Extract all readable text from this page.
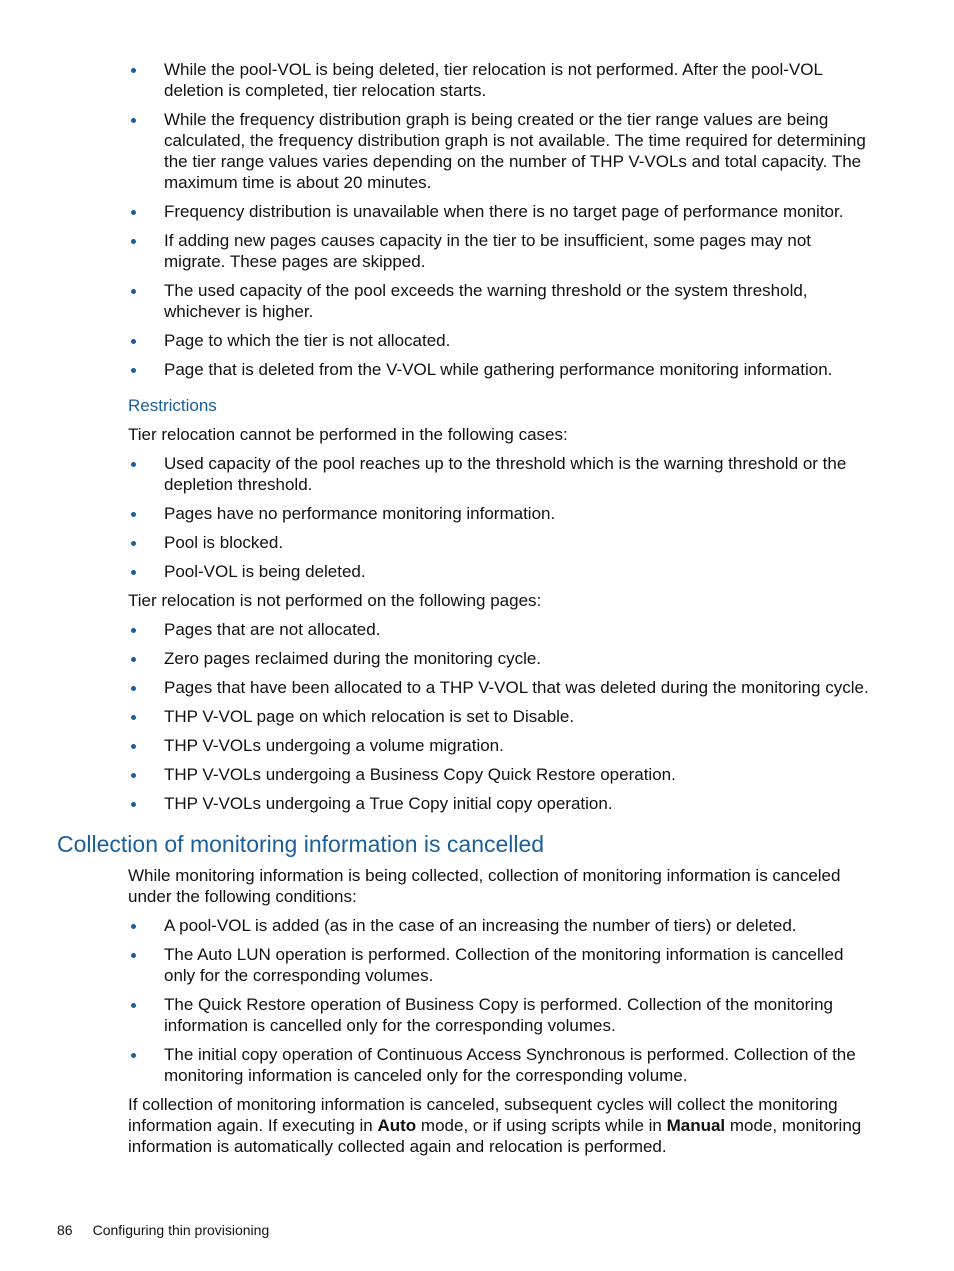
While the pool-VOL is being deleted, tier relocation is not performed. After the pool-VOL deletion is completed, tier relocation starts.
While the frequency distribution graph is being created or the tier range values are being calculated, the frequency distribution graph is not available. The time required for determining the tier range values varies depending on the number of THP V-VOLs and total capacity. The maximum time is about 20 minutes.
Frequency distribution is unavailable when there is no target page of performance monitor.
If adding new pages causes capacity in the tier to be insufficient, some pages may not migrate. These pages are skipped.
The used capacity of the pool exceeds the warning threshold or the system threshold, whichever is higher.
Page to which the tier is not allocated.
Page that is deleted from the V-VOL while gathering performance monitoring information.
Restrictions
Tier relocation cannot be performed in the following cases:
Used capacity of the pool reaches up to the threshold which is the warning threshold or the depletion threshold.
Pages have no performance monitoring information.
Pool is blocked.
Pool-VOL is being deleted.
Tier relocation is not performed on the following pages:
Pages that are not allocated.
Zero pages reclaimed during the monitoring cycle.
Pages that have been allocated to a THP V-VOL that was deleted during the monitoring cycle.
THP V-VOL page on which relocation is set to Disable.
THP V-VOLs undergoing a volume migration.
THP V-VOLs undergoing a Business Copy Quick Restore operation.
THP V-VOLs undergoing a True Copy initial copy operation.
Collection of monitoring information is cancelled
While monitoring information is being collected, collection of monitoring information is canceled under the following conditions:
A pool-VOL is added (as in the case of an increasing the number of tiers) or deleted.
The Auto LUN operation is performed. Collection of the monitoring information is cancelled only for the corresponding volumes.
The Quick Restore operation of Business Copy is performed. Collection of the monitoring information is cancelled only for the corresponding volumes.
The initial copy operation of Continuous Access Synchronous is performed. Collection of the monitoring information is canceled only for the corresponding volume.
If collection of monitoring information is canceled, subsequent cycles will collect the monitoring information again. If executing in Auto mode, or if using scripts while in Manual mode, monitoring information is automatically collected again and relocation is performed.
86 Configuring thin provisioning
